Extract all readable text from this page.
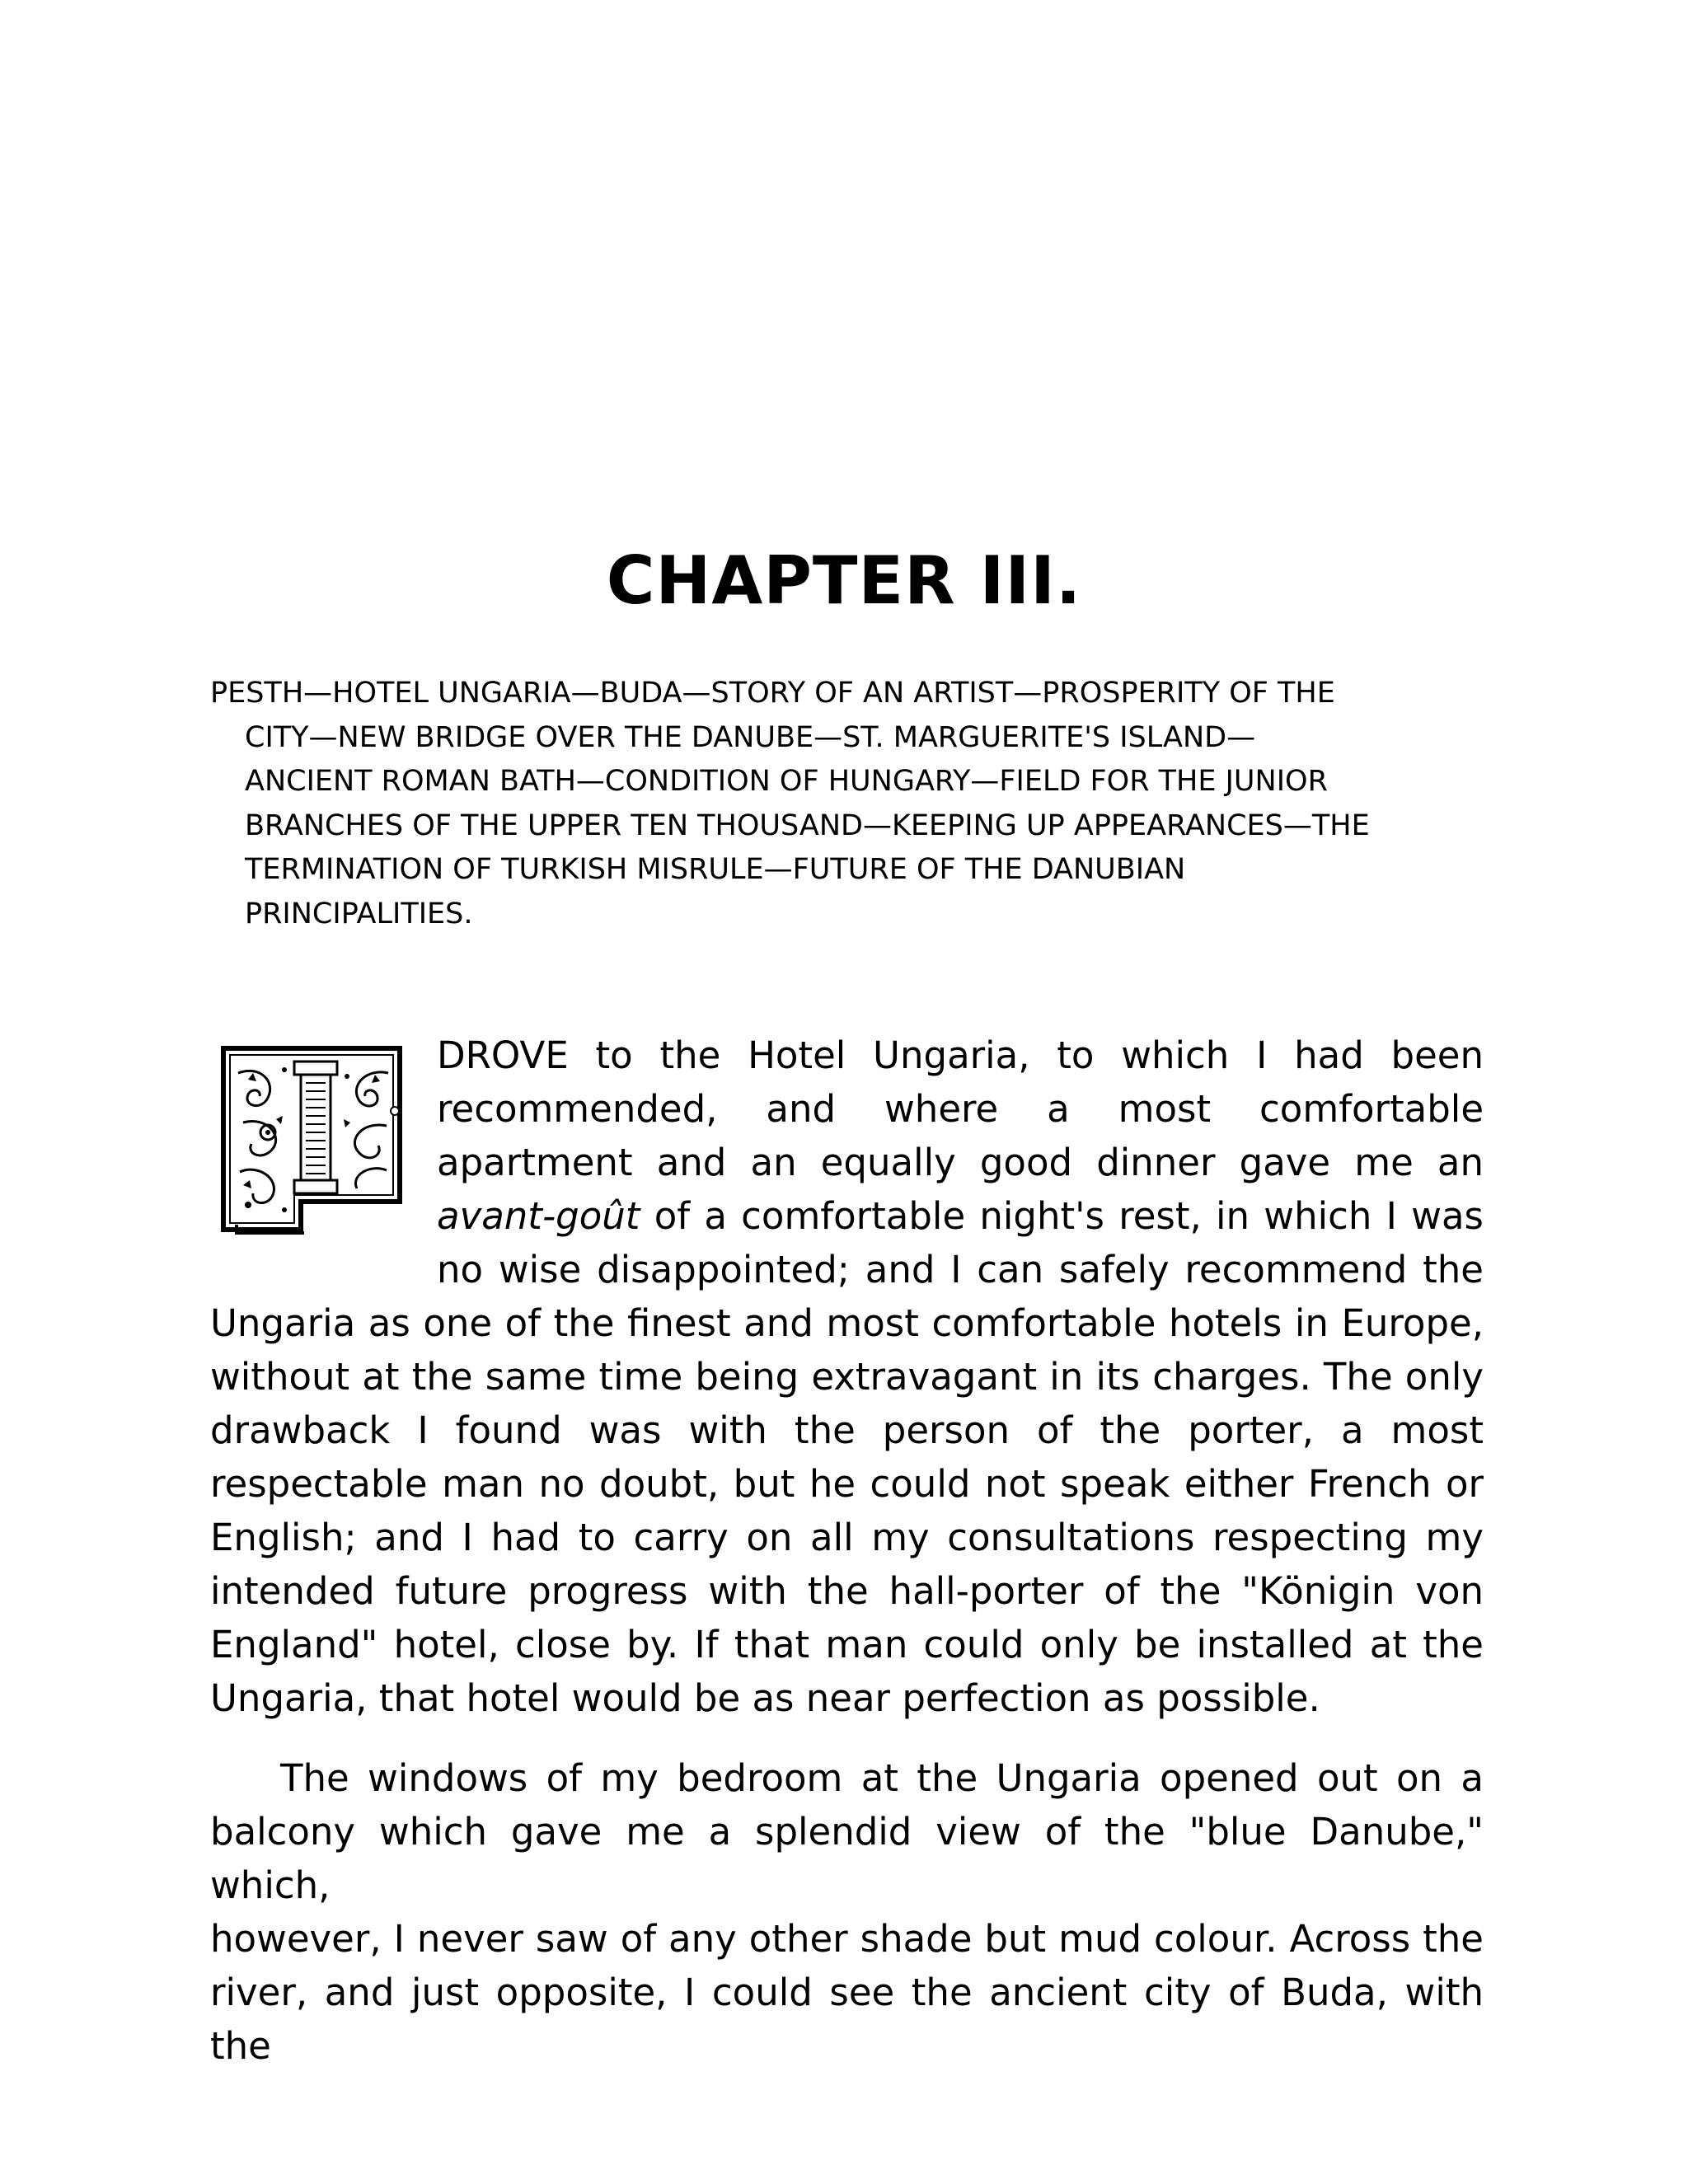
CHAPTER III.
PESTH—HOTEL UNGARIA—BUDA—STORY OF AN ARTIST—PROSPERITY OF THE
CITY—NEW BRIDGE OVER THE DANUBE—ST. MARGUERITE'S ISLAND—
ANCIENT ROMAN BATH—CONDITION OF HUNGARY—FIELD FOR THE JUNIOR
BRANCHES OF THE UPPER TEN THOUSAND—KEEPING UP APPEARANCES—THE
TERMINATION OF TURKISH MISRULE—FUTURE OF THE DANUBIAN
PRINCIPALITIES.

DROVE to the Hotel Ungaria, to which I had been
recommended, and where a most comfortable
apartment and an equally good dinner gave me an
avant-goût of a comfortable night's rest, in which I was
no wise disappointed; and I can safely recommend the
Ungaria as one of the finest and most comfortable hotels in Europe,
without at the same time being extravagant in its charges. The only
drawback I found was with the person of the porter, a most
respectable man no doubt, but he could not speak either French or
English; and I had to carry on all my consultations respecting my
intended future progress with the hall-porter of the "Königin von
England" hotel, close by. If that man could only be installed at the
Ungaria, that hotel would be as near perfection as possible.

The windows of my bedroom at the Ungaria opened out on a
balcony which gave me a splendid view of the "blue Danube," which,
however, I never saw of any other shade but mud colour. Across the
river, and just opposite, I could see the ancient city of Buda, with the
